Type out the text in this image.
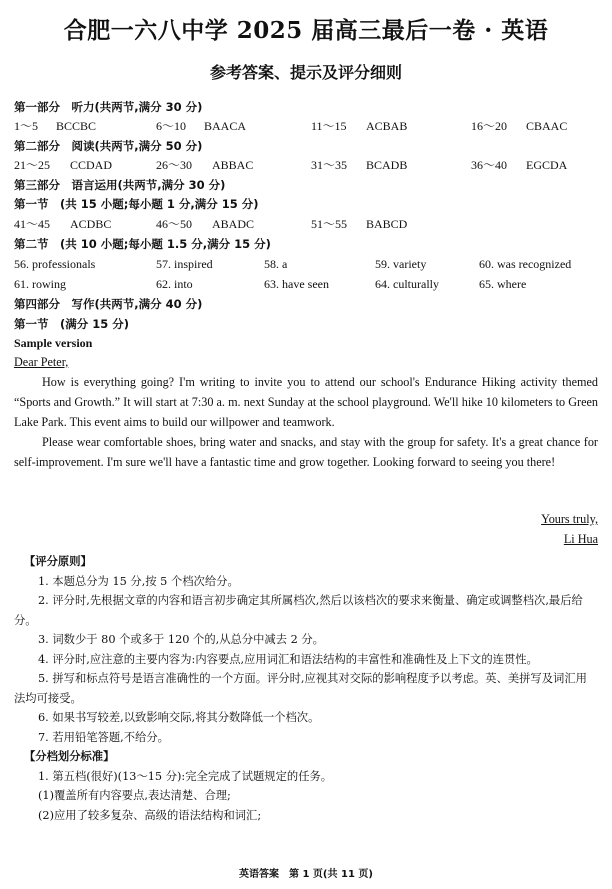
合肥一六八中学 2025 届高三最后一卷 · 英语
参考答案、提示及评分细则
第一部分　听力(共两节,满分 30 分)
1～5 BCCBC	6～10 BAACA	11～15 ACBAB	16～20 CBAAC
第二部分　阅读(共两节,满分 50 分)
21～25 CCDAD	26～30 ABBAC	31～35 BCADB	36～40 EGCDA
第三部分　语言运用(共两节,满分 30 分)
第一节　(共 15 小题;每小题 1 分,满分 15 分)
41～45 ACDBC	46～50 ABADC	51～55 BABCD
第二节　(共 10 小题;每小题 1.5 分,满分 15 分)
56. professionals	57. inspired	58. a	59. variety	60. was recognized
61. rowing	62. into	63. have seen	64. culturally	65. where
第四部分　写作(共两节,满分 40 分)
第一节　(满分 15 分)
Sample version

Dear Peter,

How is everything going? I'm writing to invite you to attend our school's Endurance Hiking activity themed “Sports and Growth.” It will start at 7:30 a. m. next Sunday at the school playground. We'll hike 10 kilometers to Green Lake Park. This event aims to build our willpower and teamwork.

Please wear comfortable shoes, bring water and snacks, and stay with the group for safety. It's a great chance for self-improvement. I'm sure we'll have a fantastic time and grow together. Looking forward to seeing you there!

Yours truly,
Li Hua

【评分原则】

1. 本题总分为 15 分,按 5 个档次给分。

2. 评分时,先根据文章的内容和语言初步确定其所属档次,然后以该档次的要求来衡量、确定或调整档次,最后给分。

3. 词数少于 80 个或多于 120 个的,从总分中减去 2 分。

4. 评分时,应注意的主要内容为:内容要点,应用词汇和语法结构的丰富性和准确性及上下文的连贯性。

5. 拼写和标点符号是语言准确性的一个方面。评分时,应视其对交际的影响程度予以考虑。英、美拼写及词汇用法均可接受。

6. 如果书写较差,以致影响交际,将其分数降低一个档次。

7. 若用铅笔答题,不给分。

【分档划分标准】

1. 第五档(很好)(13～15 分):完全完成了试题规定的任务。

(1)覆盖所有内容要点,表达清楚、合理;

(2)应用了较多复杂、高级的语法结构和词汇;

英语答案　第 1 页(共 11 页)
